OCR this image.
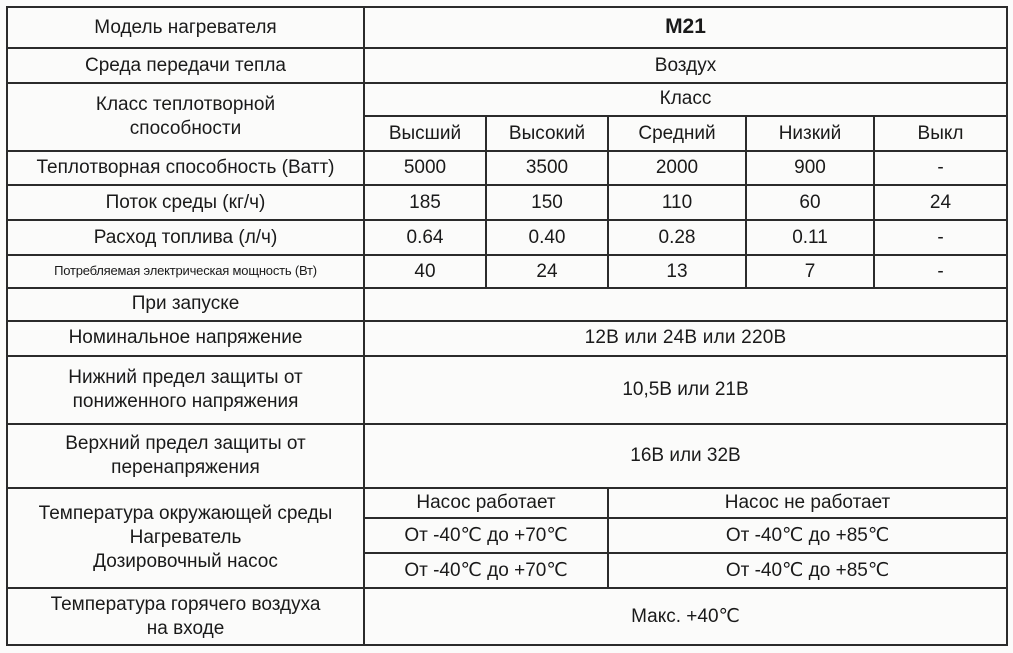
Модель нагревателя	M21				
Среда передачи тепла	Воздух				

Класс теплотворной
способности	Класс				
	Высший	Высокий	Средний	Низкий	Выкл
Теплотворная способность (Ватт)	5000	3500	2000	900	-
Поток среды (кг/ч)	185	150	110	60	24
Расход топлива (л/ч)	0.64	0.40	0.28	0.11	-
Потребляемая электрическая мощность (Вт)	40	24	13	7	-
При запуске					
Номинальное напряжение	12В или 24В или 220В				

Нижний предел защиты от
пониженного напряжения	10,5В или 21В				

Верхний предел защиты от
перенапряжения	16В или 32В				

Температура окружающей среды
Нагреватель
Дозировочный насос	Насос работает		Насос не работает		
	От -40℃ до +70℃		От -40℃ до +85℃		
	От -40℃ до +70℃		От -40℃ до +85℃		

Температура горячего воздуха
на входе	Макс. +40℃				
